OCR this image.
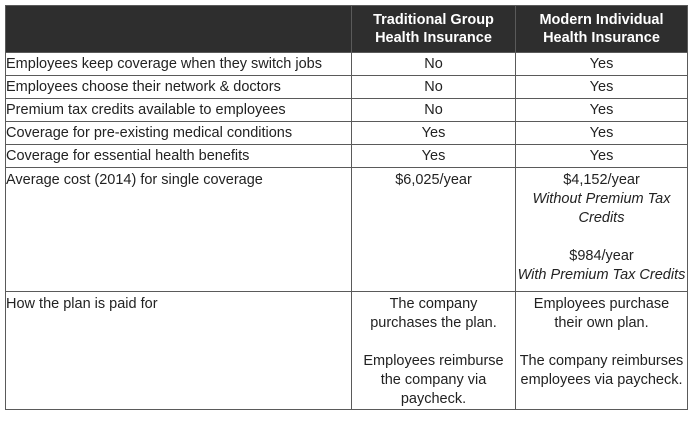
	Traditional Group
Health Insurance	Modern Individual
Health Insurance

Employees keep coverage when they switch jobs	No	Yes
Employees choose their network & doctors	No	Yes
Premium tax credits available to employees	No	Yes
Coverage for pre-existing medical conditions	Yes	Yes
Coverage for essential health benefits	Yes	Yes
Average cost (2014) for single coverage	$6,025/year	$4,152/year
Without Premium Tax
Credits
$984/year
With Premium Tax Credits

How the plan is paid for	The company
purchases the plan.
Employees reimburse
the company via
paycheck.	Employees purchase
their own plan.
The company reimburses
employees via paycheck.
